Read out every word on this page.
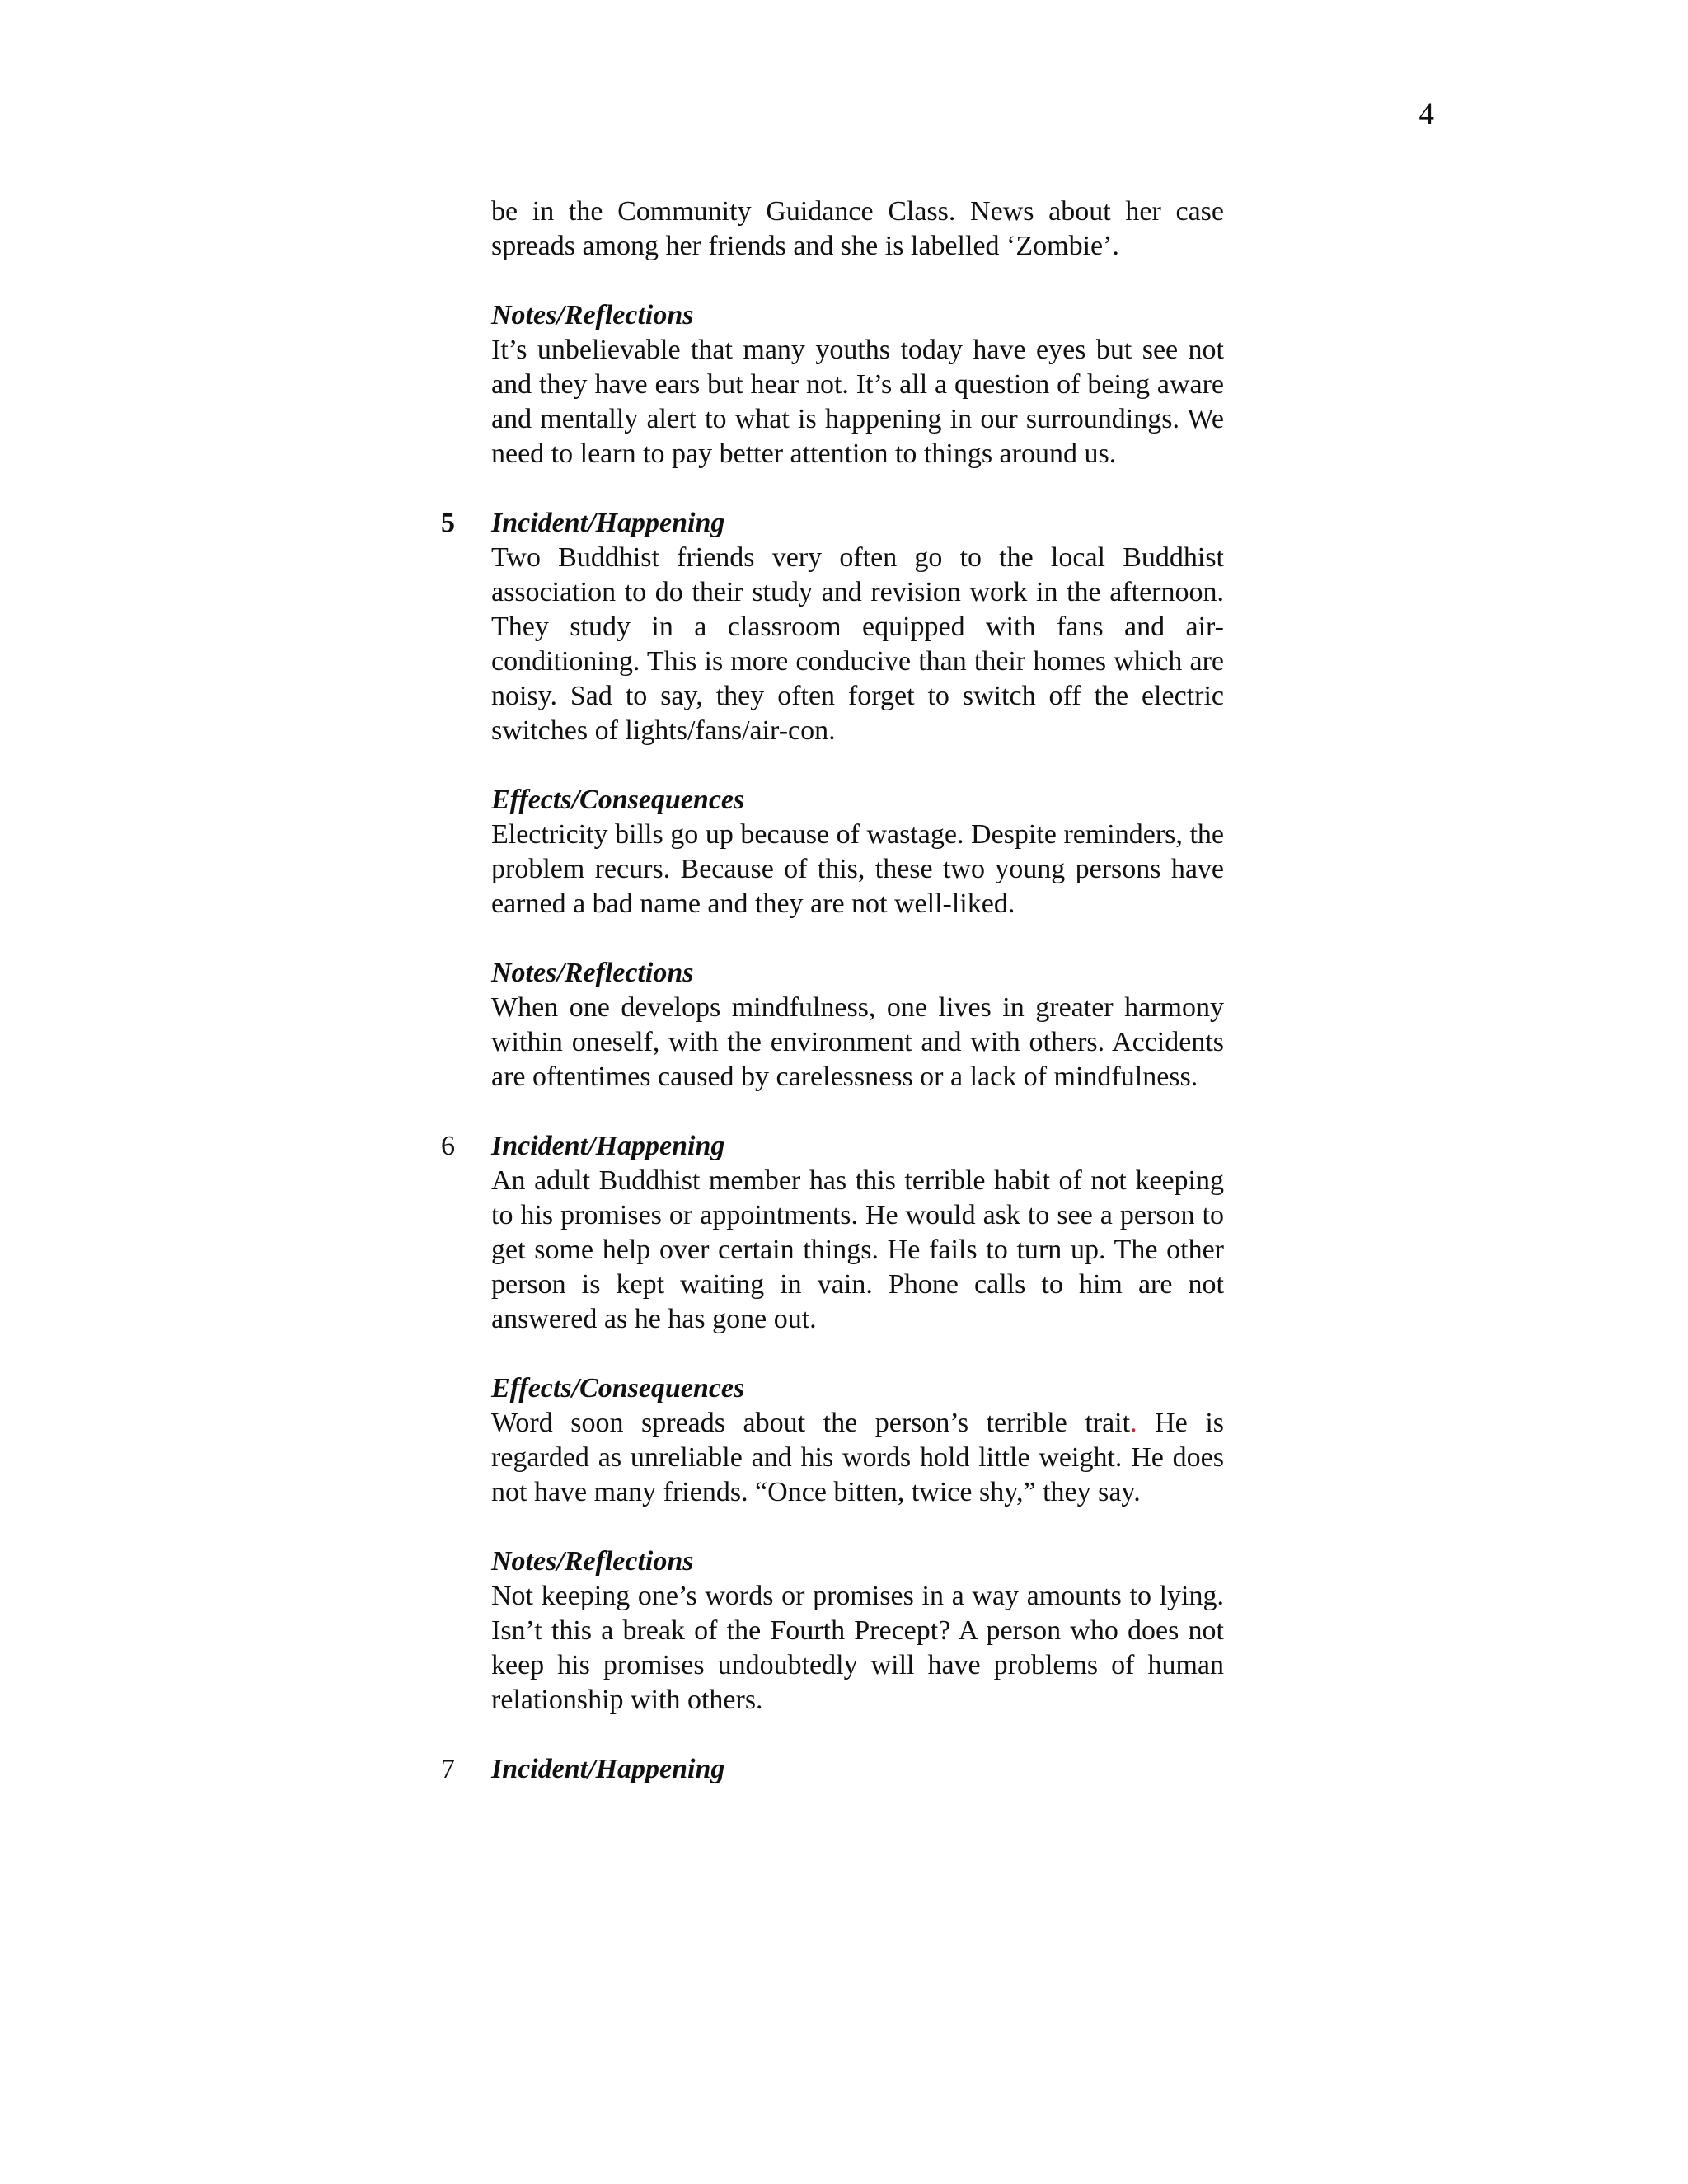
4

be in the Community Guidance Class. News about her case spreads among her friends and she is labelled ‘Zombie’.

Notes/Reflections

It’s unbelievable that many youths today have eyes but see not and they have ears but hear not. It’s all a question of being aware and mentally alert to what is happening in our surroundings. We need to learn to pay better attention to things around us.

5	Incident/Happening

Two Buddhist friends very often go to the local Buddhist association to do their study and revision work in the afternoon. They study in a classroom equipped with fans and air-conditioning. This is more conducive than their homes which are noisy. Sad to say, they often forget to switch off the electric switches of lights/fans/air-con.

Effects/Consequences

Electricity bills go up because of wastage. Despite reminders, the problem recurs. Because of this, these two young persons have earned a bad name and they are not well-liked.

Notes/Reflections

When one develops mindfulness, one lives in greater harmony within oneself, with the environment and with others. Accidents are oftentimes caused by carelessness or a lack of mindfulness.

6	Incident/Happening

An adult Buddhist member has this terrible habit of not keeping to his promises or appointments. He would ask to see a person to get some help over certain things. He fails to turn up. The other person is kept waiting in vain. Phone calls to him are not answered as he has gone out.

Effects/Consequences

Word soon spreads about the person’s terrible trait. He is regarded as unreliable and his words hold little weight. He does not have many friends. “Once bitten, twice shy,” they say.

Notes/Reflections

Not keeping one’s words or promises in a way amounts to lying. Isn’t this a break of the Fourth Precept? A person who does not keep his promises undoubtedly will have problems of human relationship with others.

7	Incident/Happening
